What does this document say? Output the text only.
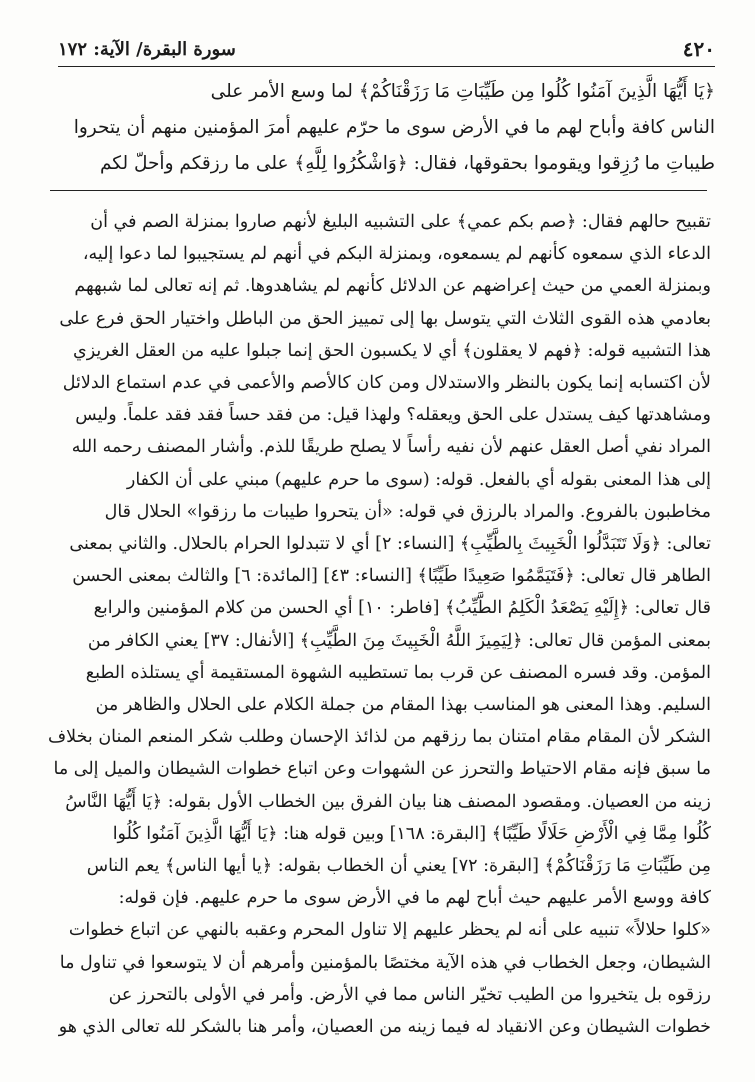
٤٢٠
سورة البقرة/ الآية: ١٧٢

﴿يَا أَيُّهَا الَّذِينَ آمَنُوا كُلُوا مِن طَيِّبَاتِ مَا رَزَقْنَاكُمْ﴾ لما وسع الأمر على

الناس كافة وأباح لهم ما في الأرض سوى ما حرّم عليهم أمرَ المؤمنين منهم أن يتحروا

طيباتِ ما رُزِقوا ويقوموا بحقوقها، فقال: ﴿وَاشْكُرُوا لِلَّهِ﴾ على ما رزقكم وأحلّ لكم

تقبيح حالهم فقال: ﴿صم بكم عمي﴾ على التشبيه البليغ لأنهم صاروا بمنزلة الصم في أن

الدعاء الذي سمعوه كأنهم لم يسمعوه، وبمنزلة البكم في أنهم لم يستجيبوا لما دعوا إليه،

وبمنزلة العمي من حيث إعراضهم عن الدلائل كأنهم لم يشاهدوها. ثم إنه تعالى لما شبههم

بعادمي هذه القوى الثلاث التي يتوسل بها إلى تمييز الحق من الباطل واختيار الحق فرع على

هذا التشبيه قوله: ﴿فهم لا يعقلون﴾ أي لا يكسبون الحق إنما جبلوا عليه من العقل الغريزي

لأن اكتسابه إنما يكون بالنظر والاستدلال ومن كان كالأصم والأعمى في عدم استماع الدلائل

ومشاهدتها كيف يستدل على الحق ويعقله؟ ولهذا قيل: من فقد حساً فقد فقد علماً. وليس

المراد نفي أصل العقل عنهم لأن نفيه رأساً لا يصلح طريقًا للذم. وأشار المصنف رحمه الله

إلى هذا المعنى بقوله أي بالفعل. قوله: (سوى ما حرم عليهم) مبني على أن الكفار

مخاطبون بالفروع. والمراد بالرزق في قوله: «أن يتحروا طيبات ما رزقوا» الحلال قال

تعالى: ﴿وَلَا تَتَبَدَّلُوا الْخَبِيثَ بِالطَّيِّبِ﴾ [النساء: ٢] أي لا تتبدلوا الحرام بالحلال. والثاني بمعنى

الطاهر قال تعالى: ﴿فَتَيَمَّمُوا صَعِيدًا طَيِّبًا﴾ [النساء: ٤٣] [المائدة: ٦] والثالث بمعنى الحسن

قال تعالى: ﴿إِلَيْهِ يَصْعَدُ الْكَلِمُ الطَّيِّبُ﴾ [فاطر: ١٠] أي الحسن من كلام المؤمنين والرابع

بمعنى المؤمن قال تعالى: ﴿لِيَمِيزَ اللَّهُ الْخَبِيثَ مِنَ الطَّيِّبِ﴾ [الأنفال: ٣٧] يعني الكافر من

المؤمن. وقد فسره المصنف عن قرب بما تستطيبه الشهوة المستقيمة أي يستلذه الطبع

السليم. وهذا المعنى هو المناسب بهذا المقام من جملة الكلام على الحلال والظاهر من

الشكر لأن المقام مقام امتنان بما رزقهم من لذائذ الإحسان وطلب شكر المنعم المنان بخلاف

ما سبق فإنه مقام الاحتياط والتحرز عن الشهوات وعن اتباع خطوات الشيطان والميل إلى ما

زينه من العصيان. ومقصود المصنف هنا بيان الفرق بين الخطاب الأول بقوله: ﴿يَا أَيُّهَا النَّاسُ

كُلُوا مِمَّا فِي الْأَرْضِ حَلَالًا طَيِّبًا﴾ [البقرة: ١٦٨] وبين قوله هنا: ﴿يَا أَيُّهَا الَّذِينَ آمَنُوا كُلُوا

مِن طَيِّبَاتِ مَا رَزَقْنَاكُمْ﴾ [البقرة: ٧٢] يعني أن الخطاب بقوله: ﴿يا أيها الناس﴾ يعم الناس

كافة ووسع الأمر عليهم حيث أباح لهم ما في الأرض سوى ما حرم عليهم. فإن قوله:

«كلوا حلالاً» تنبيه على أنه لم يحظر عليهم إلا تناول المحرم وعقبه بالنهي عن اتباع خطوات

الشيطان، وجعل الخطاب في هذه الآية مختصًا بالمؤمنين وأمرهم أن لا يتوسعوا في تناول ما

رزقوه بل يتخيروا من الطيب تخيّر الناس مما في الأرض. وأمر في الأولى بالتحرز عن

خطوات الشيطان وعن الانقياد له فيما زينه من العصيان، وأمر هنا بالشكر لله تعالى الذي هو
